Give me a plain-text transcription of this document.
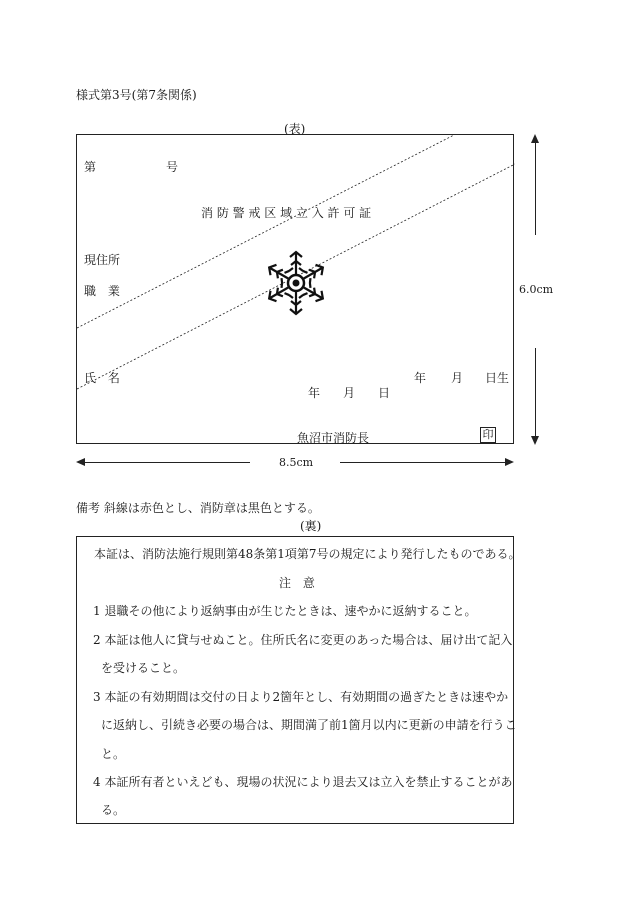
様式第3号(第7条関係)
(表)
第	号
消 防 警 戒 区 域 立 入 許 可 証
現住所
職 業
氏 名	年 月 日生
年 月 日
魚沼市消防長	印
6.0cm
8.5cm
備考 斜線は赤色とし、消防章は黒色とする。
(裏)
本証は、消防法施行規則第48条第1項第7号の規定により発行したものである。
注 意
1 退職その他により返納事由が生じたときは、速やかに返納すること。
2 本証は他人に貸与せぬこと。住所氏名に変更のあった場合は、届け出て記入
を受けること。
3 本証の有効期間は交付の日より2箇年とし、有効期間の過ぎたときは速やか
に返納し、引続き必要の場合は、期間満了前1箇月以内に更新の申請を行うこ
と。
4 本証所有者といえども、現場の状況により退去又は立入を禁止することがあ
る。
